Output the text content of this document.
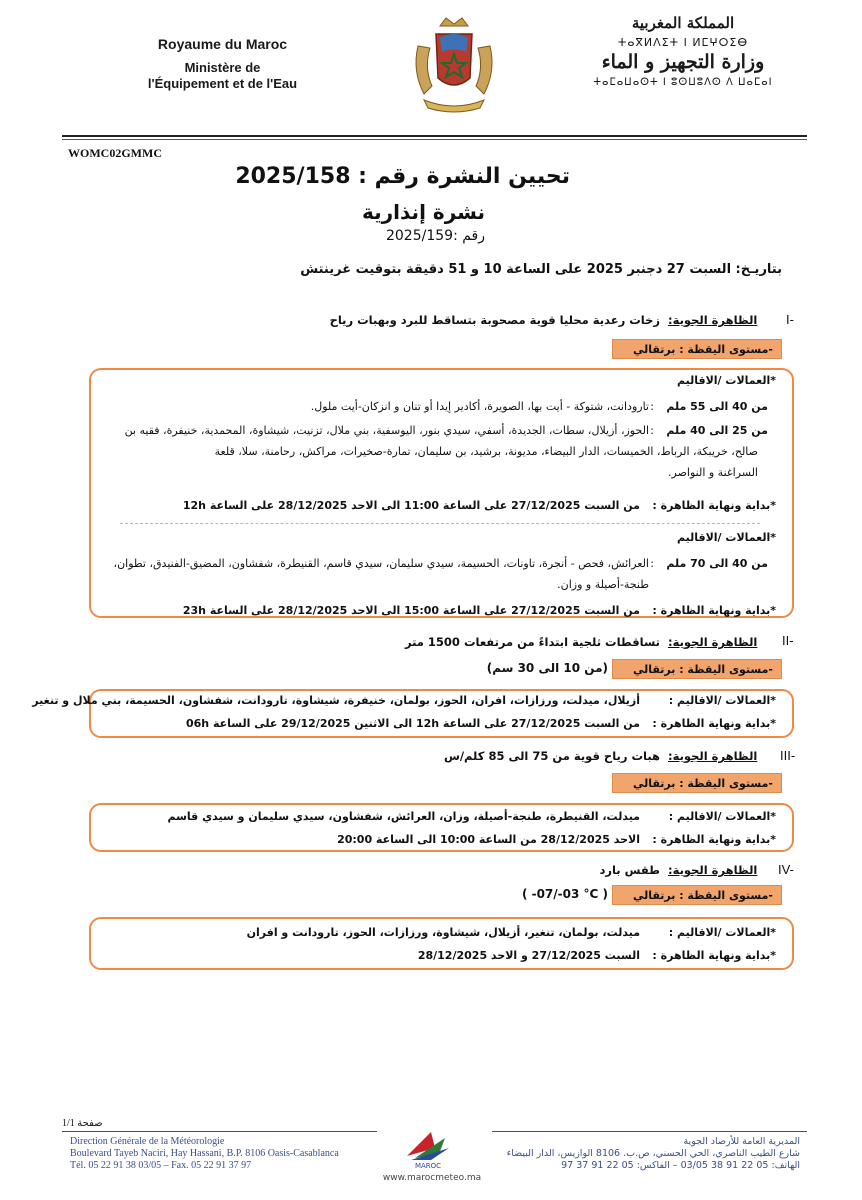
Royaume du Maroc
Ministère de
l'Équipement et de l'Eau
المملكة المغربية
ⵜⴰⴳⵍⴷⵉⵜ ⵏ ⵍⵎⵖⵔⵉⴱ
وزارة التجهيز و الماء
ⵜⴰⵎⴰⵡⴰⵙⵜ ⵏ ⵓⵙⵡⵓⴷⵙ ⴷ ⵡⴰⵎⴰⵏ
WOMC02GMMC
تحيين النشرة رقم : 2025/158
نشرة إنذارية
رقم :2025/159
بتاريـخ: السبت 27 دجنبر 2025 على الساعة 10 و 51 دقيقة بتوقيت غرينتش
I-
الظاهرة الجوية:
زخات رعدية محليا قوية مصحوبة بتساقط للبرد وبهبات رياح
-مستوى اليقظة : برتقالي
*العمالات /الاقاليم
من 40 الى 55 ملم
تارودانت، شتوكة - أيت بها، الصويرة، أكادير إيدا أو تنان و انزكان-أيت ملول. :
من 25 الى 40 ملم
:
الحوز، أزيلال، سطات، الجديدة، أسفي، سيدي بنور، اليوسفية، بني ملال، تزنيت، شيشاوة، المحمدية، خنيفرة، فقيه بن
صالح، خريبكة، الرباط، الخميسات، الدار البيضاء، مديونة، برشيد، بن سليمان، تمارة-صخيرات، مراكش، رحامنة، سلا، قلعة
السراغنة و النواصر.
*بداية ونهاية الظاهرة :
من السبت 27/12/2025 على الساعة 11:00 الى الاحد 28/12/2025 على الساعة 12h
*العمالات /الاقاليم
من 40 الى 70 ملم
:
العرائش، فحص - أنجرة، تاونات، الحسيمة، سيدي سليمان، سيدي قاسم، القنيطرة، شفشاون، المضيق-الفنيدق، تطوان،
طنجة-أصيلة و وزان.
*بداية ونهاية الظاهرة :
من السبت 27/12/2025 على الساعة 15:00 الى الاحد 28/12/2025 على الساعة 23h
II-
الظاهرة الجوية:
تساقطات ثلجية ابتداءً من مرتفعات 1500 متر
-مستوى اليقظة : برتقالي
(من 10 الى 30 سم)
*العمالات /الاقاليم :
أزيلال، ميدلت، ورزازات، افران، الحوز، بولمان، خنيفرة، شيشاوة، تارودانت، شفشاون، الحسيمة، بني ملال و تنغير
*بداية ونهاية الظاهرة :
من السبت 27/12/2025 على الساعة 12h الى الاثنين 29/12/2025 على الساعة 06h
III-
الظاهرة الجوية:
هبات رياح قوية من 75 الى 85 كلم/س
-مستوى اليقظة : برتقالي
*العمالات /الاقاليم :
ميدلت، القنيطرة، طنجة-أصيلة، وزان، العرائش، شفشاون، سيدي سليمان و سيدي قاسم
*بداية ونهاية الظاهرة :
الاحد 28/12/2025 من الساعة 10:00 الى الساعة 20:00
IV-
الظاهرة الجوية:
طقس بارد
-مستوى اليقظة : برتقالي
( -07/-03 °C )
*العمالات /الاقاليم :
ميدلت، بولمان، تنغير، أزيلال، شيشاوة، ورزازات، الحوز، تارودانت و افران
*بداية ونهاية الظاهرة :
السبت 27/12/2025 و الاحد 28/12/2025
صفحة 1/1
Direction Générale de la Météorologie
Boulevard Tayeb Naciri, Hay Hassani, B.P. 8106 Oasis-Casablanca
Tél. 05 22 91 38 03/05 – Fax. 05 22 91 37 97	MAROC
www.marocmeteo.ma
المديرية العامة للأرصاد الجوية
شارع الطيب الناصري، الحي الحسني، ص.ب. 8106 الوازيس، الدار البيضاء
الهاتف: 05 22 91 38 03/05 – الفاكس: 05 22 91 37 97
